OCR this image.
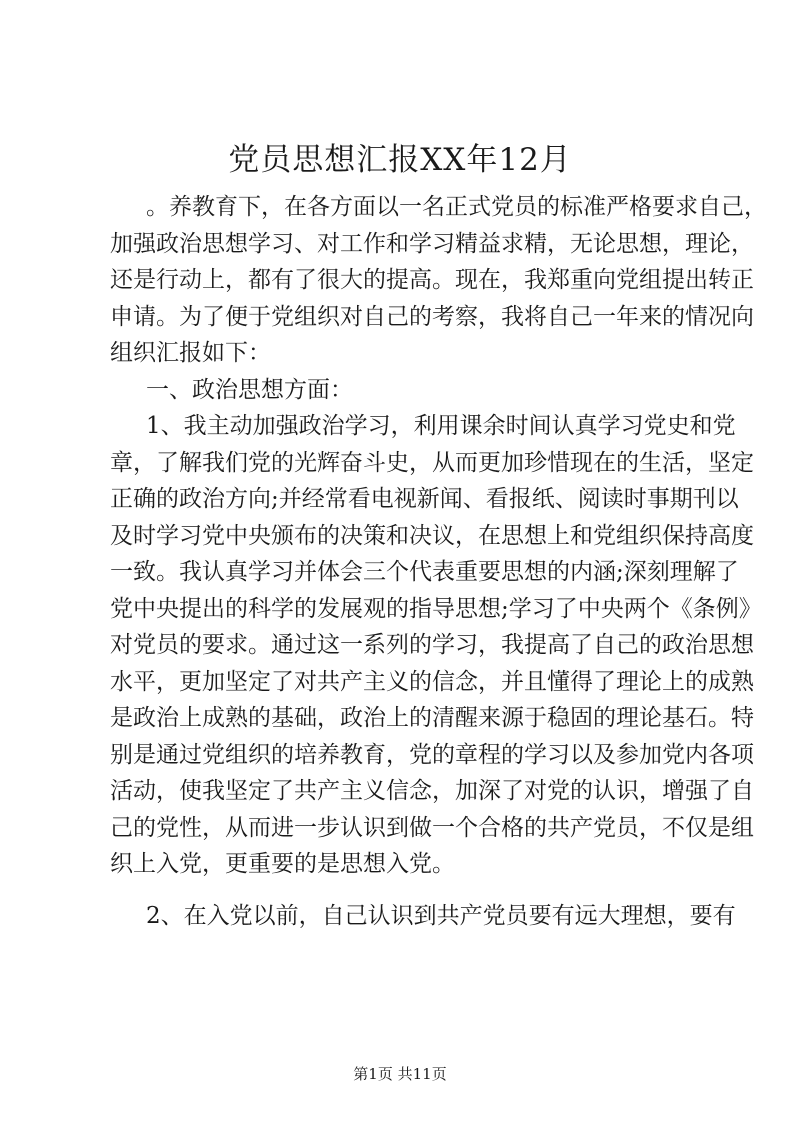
党员思想汇报XX年12月
。养教育下，在各方面以一名正式党员的标准严格要求自己，
加强政治思想学习、对工作和学习精益求精，无论思想，理论，
还是行动上，都有了很大的提高。现在，我郑重向党组提出转正
申请。为了便于党组织对自己的考察，我将自己一年来的情况向
组织汇报如下：
一、政治思想方面：
1、我主动加强政治学习，利用课余时间认真学习党史和党
章，了解我们党的光辉奋斗史，从而更加珍惜现在的生活，坚定
正确的政治方向;并经常看电视新闻、看报纸、阅读时事期刊以
及时学习党中央颁布的决策和决议，在思想上和党组织保持高度
一致。我认真学习并体会三个代表重要思想的内涵;深刻理解了
党中央提出的科学的发展观的指导思想;学习了中央两个《条例》
对党员的要求。通过这一系列的学习，我提高了自己的政治思想
水平，更加坚定了对共产主义的信念，并且懂得了理论上的成熟
是政治上成熟的基础，政治上的清醒来源于稳固的理论基石。特
别是通过党组织的培养教育，党的章程的学习以及参加党内各项
活动，使我坚定了共产主义信念，加深了对党的认识，增强了自
己的党性，从而进一步认识到做一个合格的共产党员，不仅是组
织上入党，更重要的是思想入党。
2、在入党以前，自己认识到共产党员要有远大理想，要有
第1页 共11页
